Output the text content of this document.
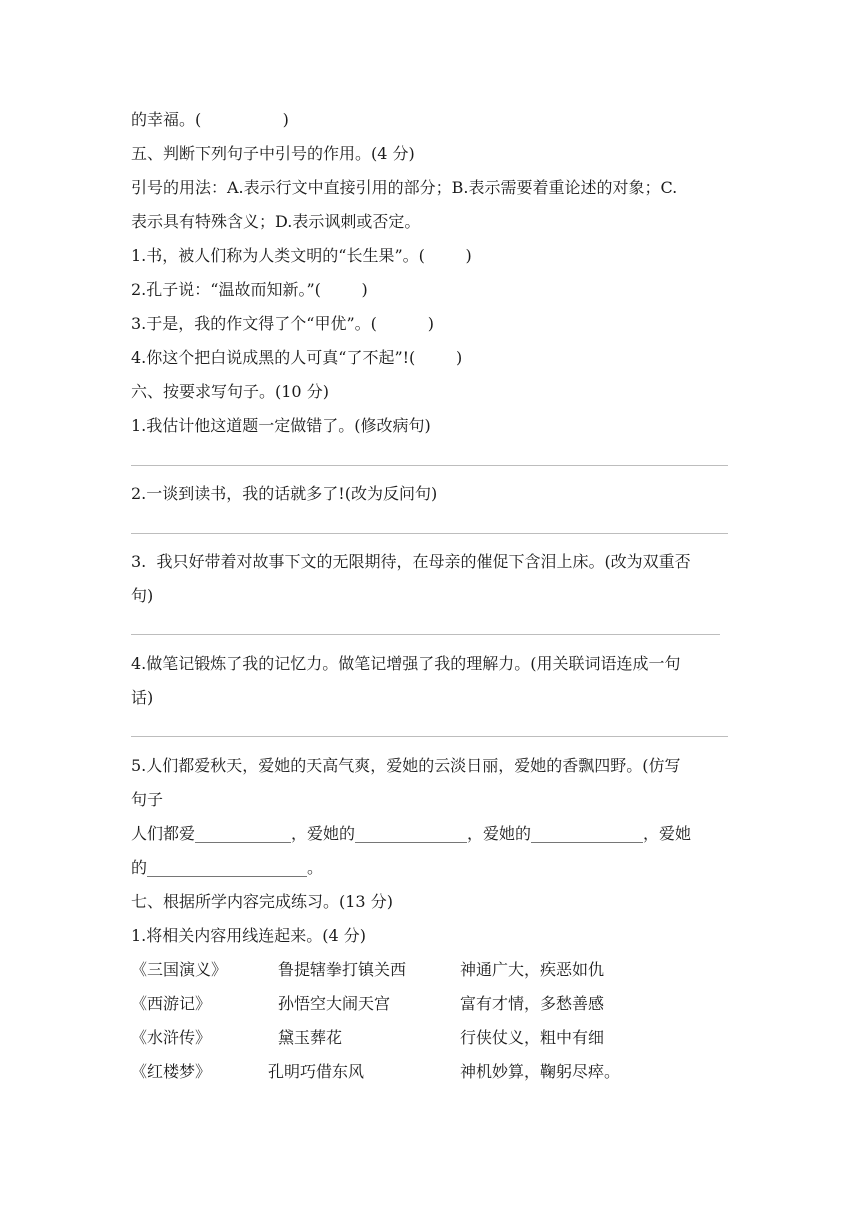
的幸福。(                )
五、判断下列句子中引号的作用。(4 分)
引号的用法：A.表示行文中直接引用的部分；B.表示需要着重论述的对象；C.
表示具有特殊含义；D.表示讽刺或否定。
1.书，被人们称为人类文明的“长生果”。(        )
2.孔子说：“温故而知新。”(        )
3.于是，我的作文得了个“甲优”。(          )
4.你这个把白说成黑的人可真“了不起”!(        )
六、按要求写句子。(10 分)
1.我估计他这道题一定做错了。(修改病句)
2.一谈到读书，我的话就多了!(改为反问句)
3.  我只好带着对故事下文的无限期待，在母亲的催促下含泪上床。(改为双重否
句)
4.做笔记锻炼了我的记忆力。做笔记增强了我的理解力。(用关联词语连成一句
话)
5.人们都爱秋天，爱她的天高气爽，爱她的云淡日丽，爱她的香飘四野。(仿写
句子
人们都爱____________，爱她的______________，爱她的______________，爱她
的____________________。
七、根据所学内容完成练习。(13 分)
1.将相关内容用线连起来。(4 分)
《三国演义》	鲁提辖拳打镇关西	神通广大，疾恶如仇
《西游记》	孙悟空大闹天宫	富有才情，多愁善感
《水浒传》	黛玉葬花	行侠仗义，粗中有细
《红楼梦》	孔明巧借东风	神机妙算，鞠躬尽瘁。
